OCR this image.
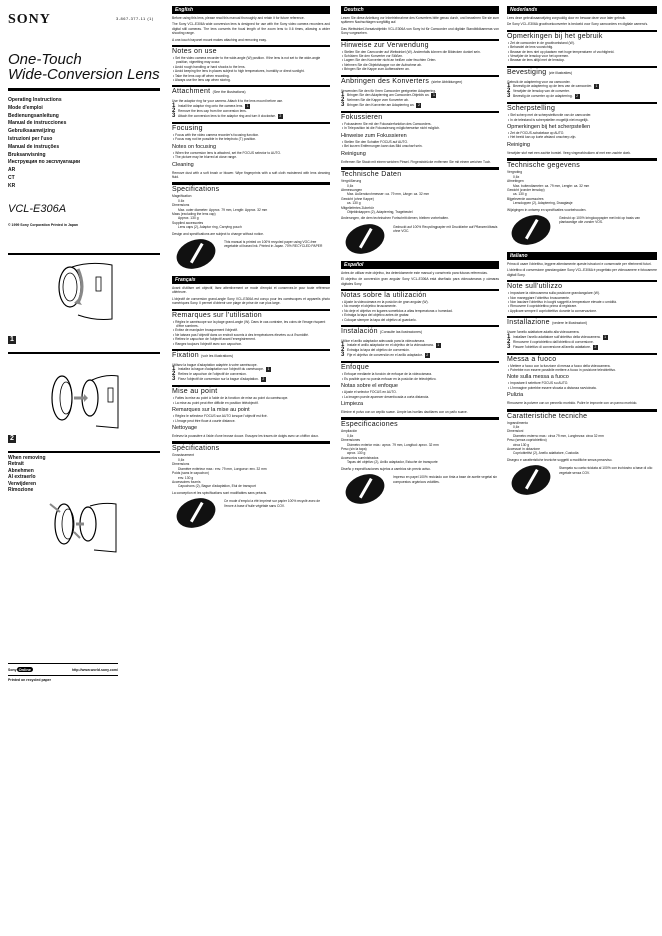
SONY	3-867-377-11 (1)
One-Touch
Wide-Conversion Lens
Operating Instructions
Mode d'emploi
Bedienungsanleitung
Manual de instrucciones
Gebruiksaanwijzing
Istruzioni per l'uso
Manual de instruções
Bruksanvisning
Инструкция по эксплуатации
AR
CT
KR
VCL-E306A
© 1999 Sony Corporation Printed in Japan
1
2
When removing
Retrait
Abnehmen
Al extraerlo
Verwijderen
Rimozione
Sony Online	http://www.world.sony.com/
Printed on recycled paper
English
Before using this lens, please read this manual thoroughly and retain it for future reference.
The Sony VCL-E306A wide conversion lens is designed for use with the Sony video camera recorders and digital still cameras. The lens converts the focal length of the zoom lens to 0.6 times, allowing a wider shooting range.
A one-touch bayonet mount makes attaching and removing easy.
Notes on use
• Set the video camera recorder to the wide-angle (W) position. If the lens is not set to the wide-angle position, vignetting may occur.
• Avoid rough handling or hard shocks to the lens.
• Avoid keeping the lens in places subject to high temperatures, humidity or direct sunlight.
• Take the lens cap off when recording.
• Always use the lens cap when storing.
Attachment (See the illustrations)
Use the adaptor ring for your camera. Attach it to the lens mount before use.
1 Install the adaptor ring onto the camera lens.	1
2 Remove the lens cap from the conversion lens.
3 Attach the conversion lens to the adaptor ring and turn it clockwise.	2
Focusing
• Focus with the video camera recorder's focusing function.
• Focus may not be possible in the telephoto (T) position.
Notes on focusing
• When the conversion lens is attached, set the FOCUS selector to AUTO.
• The picture may be blurred at close range.
Cleaning
Remove dust with a soft brush or blower. Wipe fingerprints with a soft cloth moistened with lens cleaning fluid.
Specifications
Magnification
0.6x
Dimensions
Max. outer diameter: Approx. 79 mm, Length: Approx. 32 mm
Mass (excluding the lens cap)
Approx. 130 g
Supplied accessories
Lens caps (2), Adaptor ring, Carrying pouch
Design and specifications are subject to change without notice.
This manual is printed on 100% recycled paper using VOC-free vegetable oil based ink. Printed in Japan. 70% RECYCLED PAPER
Français
Avant d'utiliser cet objectif, lisez attentivement ce mode d'emploi et conservez-le pour toute référence ultérieure.
L'objectif de conversion grand-angle Sony VCL-E306A est conçu pour les caméscopes et appareils photo numériques Sony. Il permet d'obtenir une plage de prise de vue plus large.
Remarques sur l'utilisation
• Réglez le caméscope sur la plage grand-angle (W). Dans le cas contraire, les coins de l'image risquent d'être sombres.
• Evitez de manipuler brusquement l'objectif.
• Ne laissez pas l'objectif dans un endroit soumis à des températures élevées ou à l'humidité.
• Retirez le capuchon de l'objectif avant l'enregistrement.
• Rangez toujours l'objectif avec son capuchon.
Fixation (voir les illustrations)
Utilisez la bague d'adaptation adaptée à votre caméscope.
1 Installez la bague d'adaptation sur l'objectif du caméscope.	1
2 Retirez le capuchon de l'objectif de conversion.
3 Fixez l'objectif de conversion sur la bague d'adaptation.	2
Mise au point
• Faites la mise au point à l'aide de la fonction de mise au point du caméscope.
• La mise au point peut être difficile en position téléobjectif.
Remarques sur la mise au point
• Réglez le sélecteur FOCUS sur AUTO lorsque l'objectif est fixé.
• L'image peut être floue à courte distance.
Nettoyage
Enlevez la poussière à l'aide d'une brosse douce. Essuyez les traces de doigts avec un chiffon doux.
Spécifications
Grossissement
0,6x
Dimensions
Diamètre extérieur max.: env. 79 mm, Longueur: env. 32 mm
Poids (sans le capuchon)
env. 130 g
Accessoires fournis
Capuchons (2), Bague d'adaptation, Etui de transport
La conception et les spécifications sont modifiables sans préavis.
Ce mode d'emploi a été imprimé sur papier 100% recyclé avec de l'encre à base d'huile végétale sans COV.
Deutsch
Lesen Sie diese Anleitung vor Inbetriebnahme des Konverters bitte genau durch, und bewahren Sie sie zum späteren Nachschlagen sorgfältig auf.
Das Weitwinkel-Vorsatzobjektiv VCL-E306A von Sony ist für Camcorder und digitale Standbildkameras von Sony vorgesehen.
Hinweise zur Verwendung
• Stellen Sie den Camcorder auf Weitwinkel (W). Andernfalls können die Bildecken dunkel sein.
• Schützen Sie den Konverter vor Stößen.
• Lagern Sie den Konverter nicht an heißen oder feuchten Orten.
• Nehmen Sie die Objektivkappe vor der Aufnahme ab.
• Bringen Sie die Kappe zum Aufbewahren an.
Anbringen des Konverters (siehe Abbildungen)
Verwenden Sie den für Ihren Camcorder geeigneten Adapterring.
1 Bringen Sie den Adapterring am Camcorder-Objektiv an.	1
2 Nehmen Sie die Kappe vom Konverter ab.
3 Bringen Sie den Konverter am Adapterring an.	2
Fokussieren
• Fokussieren Sie mit der Fokussierfunktion des Camcorders.
• In Teleposition ist die Fokussierung möglicherweise nicht möglich.
Hinweise zum Fokussieren
• Stellen Sie den Schalter FOCUS auf AUTO.
• Bei kurzen Entfernungen kann das Bild unscharf sein.
Reinigung
Entfernen Sie Staub mit einem weichen Pinsel. Fingerabdrücke entfernen Sie mit einem weichen Tuch.
Technische Daten
Vergrößerung
0,6x
Abmessungen
Max. Außendurchmesser: ca. 79 mm, Länge: ca. 32 mm
Gewicht (ohne Kappe)
ca. 130 g
Mitgeliefertes Zubehör
Objektivkappen (2), Adapterring, Tragebeutel
Änderungen, die dem technischen Fortschritt dienen, bleiben vorbehalten.
Gedruckt auf 100% Recyclingpapier mit Druckfarbe auf Pflanzenölbasis ohne VOC.
Español
Antes de utilizar este objetivo, lea detenidamente este manual y consérvelo para futuras referencias.
El objetivo de conversión gran angular Sony VCL-E306A está diseñado para videocámaras y cámaras digitales Sony.
Notas sobre la utilización
• Ajuste la videocámara en la posición de gran angular (W).
• No maneje el objetivo bruscamente.
• No deje el objetivo en lugares sometidos a altas temperaturas o humedad.
• Extraiga la tapa del objetivo antes de grabar.
• Coloque siempre la tapa del objetivo al guardarlo.
Instalación (Consulte las ilustraciones)
Utilice el anillo adaptador adecuado para la videocámara.
1 Instale el anillo adaptador en el objetivo de la videocámara.	1
2 Extraiga la tapa del objetivo de conversión.
3 Fije el objetivo de conversión en el anillo adaptador.	2
Enfoque
• Enfoque mediante la función de enfoque de la videocámara.
• Es posible que no pueda enfocar en la posición de teleobjetivo.
Notas sobre el enfoque
• Ajuste el selector FOCUS en AUTO.
• La imagen puede aparecer desenfocada a corta distancia.
Limpieza
Elimine el polvo con un cepillo suave. Limpie las huellas dactilares con un paño suave.
Especificaciones
Ampliación
0,6x
Dimensiones
Diámetro exterior máx.: aprox. 79 mm, Longitud: aprox. 32 mm
Peso (sin la tapa)
aprox. 130 g
Accesorios suministrados
Tapas del objetivo (2), Anillo adaptador, Estuche de transporte
Diseño y especificaciones sujetos a cambios sin previo aviso.
Impreso en papel 100% reciclado con tinta a base de aceite vegetal sin compuestos orgánicos volátiles.
Nederlands
Lees deze gebruiksaanwijzing zorgvuldig door en bewaar deze voor later gebruik.
De Sony VCL-E306A groothoekconverter is bedoeld voor Sony camcorders en digitale camera's.
Opmerkingen bij het gebruik
• Zet de camcorder in de groothoekstand (W).
• Behandel de lens voorzichtig.
• Bewaar de lens niet op plaatsen met hoge temperaturen of vochtigheid.
• Verwijder de lensdop voor het opnemen.
• Bewaar de lens altijd met de lensdop.
Bevestiging (zie illustraties)
Gebruik de adapterring voor uw camcorder.
1 Bevestig de adapterring op de lens van de camcorder.	1
2 Verwijder de lensdop van de converter.
3 Bevestig de converter op de adapterring.	2
Scherpstelling
• Stel scherp met de scherpstelfunctie van de camcorder.
• In de telestand is scherpstellen mogelijk niet mogelijk.
Opmerkingen bij het scherpstellen
• Zet de FOCUS-schakelaar op AUTO.
• Het beeld kan op korte afstand onscherp zijn.
Reiniging
Verwijder stof met een zachte borstel. Veeg vingerafdrukken af met een zachte doek.
Technische gegevens
Vergroting
0,6x
Afmetingen
Max. buitendiameter: ca. 79 mm, Lengte: ca. 32 mm
Gewicht (zonder lensdop)
ca. 130 g
Bijgeleverde accessoires
Lensdoppen (2), Adapterring, Draagtasje
Wijzigingen in ontwerp en specificaties voorbehouden.
Gedrukt op 100% kringlooppapier met inkt op basis van plantaardige olie zonder VOS.
Italiano
Prima di usare l'obiettivo, leggere attentamente queste istruzioni e conservarle per riferimenti futuri.
L'obiettivo di conversione grandangolare Sony VCL-E306A è progettato per videocamere e fotocamere digitali Sony.
Note sull'utilizzo
• Impostare la videocamera sulla posizione grandangolare (W).
• Non maneggiare l'obiettivo bruscamente.
• Non lasciare l'obiettivo in luoghi soggetti a temperature elevate o umidità.
• Rimuovere il copriobiettivo prima di registrare.
• Applicare sempre il copriobiettivo durante la conservazione.
Installazione (vedere le illustrazioni)
Usare l'anello adattatore adatto alla videocamera.
1 Installare l'anello adattatore sull'obiettivo della videocamera.	1
2 Rimuovere il copriobiettivo dall'obiettivo di conversione.
3 Fissare l'obiettivo di conversione all'anello adattatore.	2
Messa a fuoco
• Mettere a fuoco con la funzione di messa a fuoco della videocamera.
• Potrebbe non essere possibile mettere a fuoco in posizione teleobiettivo.
Note sulla messa a fuoco
• Impostare il selettore FOCUS su AUTO.
• L'immagine potrebbe essere sfocata a distanza ravvicinata.
Pulizia
Rimuovere la polvere con un pennello morbido. Pulire le impronte con un panno morbido.
Caratteristiche tecniche
Ingrandimento
0,6x
Dimensioni
Diametro esterno max.: circa 79 mm, Lunghezza: circa 32 mm
Peso (senza copriobiettivo)
circa 130 g
Accessori in dotazione
Copriobiettivi (2), Anello adattatore, Custodia
Disegno e caratteristiche tecniche soggetti a modifiche senza preavviso.
Stampato su carta riciclata al 100% con inchiostro a base di olio vegetale senza COV.
